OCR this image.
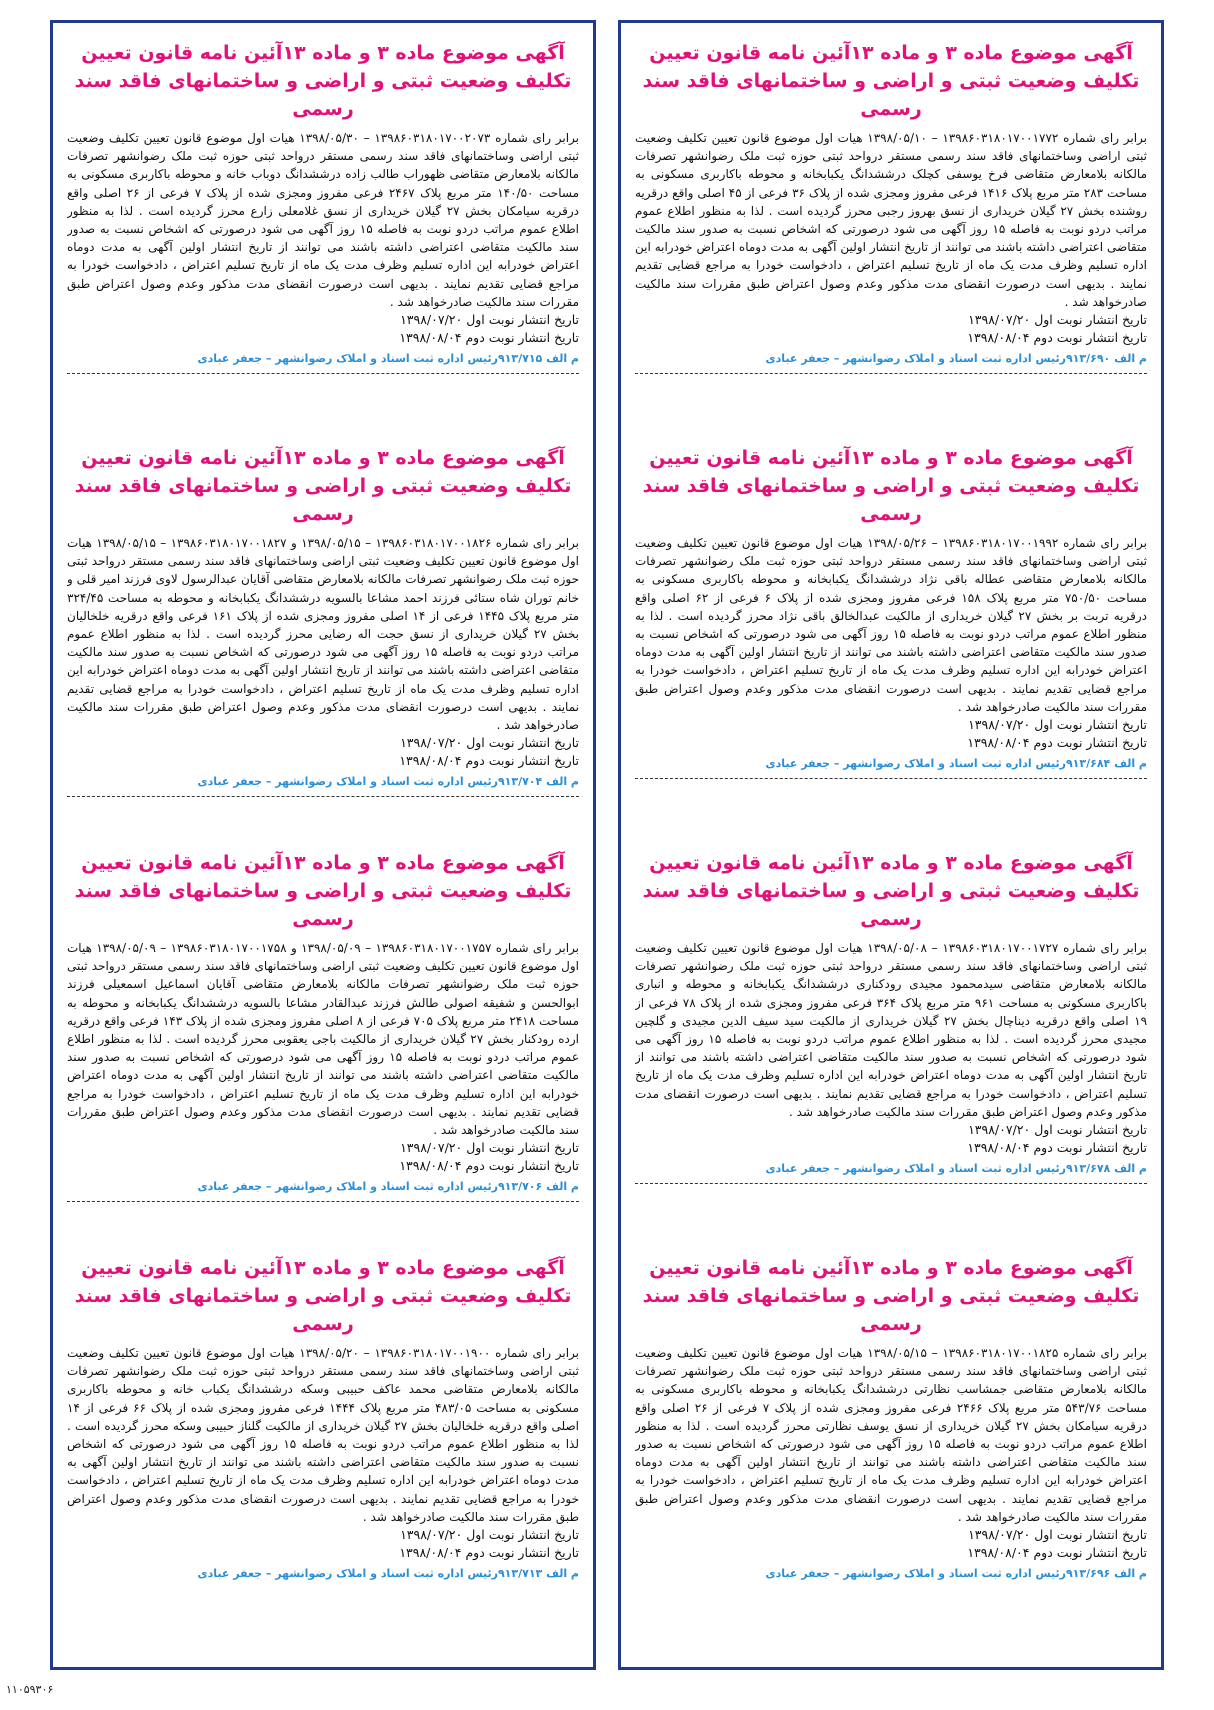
آگهی موضوع ماده ۳ و ماده ۱۳آئین نامه قانون تعیین تکلیف وضعیت ثبتی و اراضی و ساختمانهای فاقد سند رسمی

برابر رای شماره ۱۳۹۸۶۰۳۱۸۰۱۷۰۰۱۷۷۲ – ۱۳۹۸/۰۵/۱۰ هیات اول موضوع قانون تعیین تکلیف وضعیت ثبتی اراضی وساختمانهای فاقد سند رسمی مستقر درواحد ثبتی حوزه ثبت ملک رضوانشهر تصرفات مالکانه بلامعارض متقاضی فرخ یوسفی کچلک درششدانگ یکبابخانه و محوطه باکاربری مسکونی به مساحت ۲۸۳ متر مربع پلاک ۱۴۱۶ فرعی مفروز ومجزی شده از پلاک ۳۶ فرعی از ۴۵ اصلی واقع درقریه روشنده بخش ۲۷ گیلان خریداری از نسق بهروز رجبی محرز گردیده است . لذا به منظور اطلاع عموم مراتب دردو نوبت به فاصله ۱۵ روز آگهی می شود درصورتی که اشخاص نسبت به صدور سند مالکیت متقاضی اعتراضی داشته باشند می توانند از تاریخ انتشار اولین آگهی به مدت دوماه اعتراض خودرابه این اداره تسلیم وظرف مدت یک ماه از تاریخ تسلیم اعتراض ، دادخواست خودرا به مراجع قضایی تقدیم نمایند . بدیهی است درصورت انقضای مدت مذکور وعدم وصول اعتراض طبق مقررات سند مالکیت صادرخواهد شد .

تاریخ انتشار نوبت اول ۱۳۹۸/۰۷/۲۰

تاریخ انتشار نوبت دوم ۱۳۹۸/۰۸/۰۴

م الف ۹۱۳/۶۹۰رئیس اداره ثبت اسناد و املاک رضوانشهر – جعفر عبادی
آگهی موضوع ماده ۳ و ماده ۱۳آئین نامه قانون تعیین تکلیف وضعیت ثبتی و اراضی و ساختمانهای فاقد سند رسمی

برابر رای شماره ۱۳۹۸۶۰۳۱۸۰۱۷۰۰۱۹۹۲ – ۱۳۹۸/۰۵/۲۶ هیات اول موضوع قانون تعیین تکلیف وضعیت ثبتی اراضی وساختمانهای فاقد سند رسمی مستقر درواحد ثبتی حوزه ثبت ملک رضوانشهر تصرفات مالکانه بلامعارض متقاضی عطاله باقی نژاد درششدانگ یکبابخانه و محوطه باکاربری مسکونی به مساحت ۷۵۰/۵۰ متر مربع پلاک ۱۵۸ فرعی مفروز ومجزی شده از پلاک ۶ فرعی از ۶۲ اصلی واقع درقریه تربت بر بخش ۲۷ گیلان خریداری از مالکیت عبدالخالق باقی نژاد محرز گردیده است . لذا به منظور اطلاع عموم مراتب دردو نوبت به فاصله ۱۵ روز آگهی می شود درصورتی که اشخاص نسبت به صدور سند مالکیت متقاضی اعتراضی داشته باشند می توانند از تاریخ انتشار اولین آگهی به مدت دوماه اعتراض خودرابه این اداره تسلیم وظرف مدت یک ماه از تاریخ تسلیم اعتراض ، دادخواست خودرا به مراجع قضایی تقدیم نمایند . بدیهی است درصورت انقضای مدت مذکور وعدم وصول اعتراض طبق مقررات سند مالکیت صادرخواهد شد .

تاریخ انتشار نوبت اول ۱۳۹۸/۰۷/۲۰

تاریخ انتشار نوبت دوم ۱۳۹۸/۰۸/۰۴

م الف ۹۱۳/۶۸۴رئیس اداره ثبت اسناد و املاک رضوانشهر – جعفر عبادی
آگهی موضوع ماده ۳ و ماده ۱۳آئین نامه قانون تعیین تکلیف وضعیت ثبتی و اراضی و ساختمانهای فاقد سند رسمی

برابر رای شماره ۱۳۹۸۶۰۳۱۸۰۱۷۰۰۱۷۲۷ – ۱۳۹۸/۰۵/۰۸ هیات اول موضوع قانون تعیین تکلیف وضعیت ثبتی اراضی وساختمانهای فاقد سند رسمی مستقر درواحد ثبتی حوزه ثبت ملک رضوانشهر تصرفات مالکانه بلامعارض متقاضی سیدمحمود مجیدی رودکناری درششدانگ یکبابخانه و محوطه و انباری باکاربری مسکونی به مساحت ۹۶۱ متر مربع پلاک ۳۶۴ فرعی مفروز ومجزی شده از پلاک ۷۸ فرعی از ۱۹ اصلی واقع درقریه دیناچال بخش ۲۷ گیلان خریداری از مالکیت سید سیف الدین مجیدی و گلچین مجیدی محرز گردیده است . لذا به منظور اطلاع عموم مراتب دردو نوبت به فاصله ۱۵ روز آگهی می شود درصورتی که اشخاص نسبت به صدور سند مالکیت متقاضی اعتراضی داشته باشند می توانند از تاریخ انتشار اولین آگهی به مدت دوماه اعتراض خودرابه این اداره تسلیم وظرف مدت یک ماه از تاریخ تسلیم اعتراض ، دادخواست خودرا به مراجع قضایی تقدیم نمایند . بدیهی است درصورت انقضای مدت مذکور وعدم وصول اعتراض طبق مقررات سند مالکیت صادرخواهد شد .

تاریخ انتشار نوبت اول ۱۳۹۸/۰۷/۲۰

تاریخ انتشار نوبت دوم ۱۳۹۸/۰۸/۰۴

م الف ۹۱۳/۶۷۸رئیس اداره ثبت اسناد و املاک رضوانشهر – جعفر عبادی
آگهی موضوع ماده ۳ و ماده ۱۳آئین نامه قانون تعیین تکلیف وضعیت ثبتی و اراضی و ساختمانهای فاقد سند رسمی

برابر رای شماره ۱۳۹۸۶۰۳۱۸۰۱۷۰۰۱۸۲۵ – ۱۳۹۸/۰۵/۱۵ هیات اول موضوع قانون تعیین تکلیف وضعیت ثبتی اراضی وساختمانهای فاقد سند رسمی مستقر درواحد ثبتی حوزه ثبت ملک رضوانشهر تصرفات مالکانه بلامعارض متقاضی جمشاسب نظارتی درششدانگ یکبابخانه و محوطه باکاربری مسکونی به مساحت ۵۴۳/۷۶ متر مربع پلاک ۲۴۶۶ فرعی مفروز ومجزی شده از پلاک ۷ فرعی از ۲۶ اصلی واقع درقریه سیامکان بخش ۲۷ گیلان خریداری از نسق یوسف نظارتی محرز گردیده است . لذا به منظور اطلاع عموم مراتب دردو نوبت به فاصله ۱۵ روز آگهی می شود درصورتی که اشخاص نسبت به صدور سند مالکیت متقاضی اعتراضی داشته باشند می توانند از تاریخ انتشار اولین آگهی به مدت دوماه اعتراض خودرابه این اداره تسلیم وظرف مدت یک ماه از تاریخ تسلیم اعتراض ، دادخواست خودرا به مراجع قضایی تقدیم نمایند . بدیهی است درصورت انقضای مدت مذکور وعدم وصول اعتراض طبق مقررات سند مالکیت صادرخواهد شد .

تاریخ انتشار نوبت اول ۱۳۹۸/۰۷/۲۰

تاریخ انتشار نوبت دوم ۱۳۹۸/۰۸/۰۴

م الف ۹۱۳/۶۹۶رئیس اداره ثبت اسناد و املاک رضوانشهر – جعفر عبادی
آگهی موضوع ماده ۳ و ماده ۱۳آئین نامه قانون تعیین تکلیف وضعیت ثبتی و اراضی و ساختمانهای فاقد سند رسمی

برابر رای شماره ۱۳۹۸۶۰۳۱۸۰۱۷۰۰۲۰۷۳ – ۱۳۹۸/۰۵/۳۰ هیات اول موضوع قانون تعیین تکلیف وضعیت ثبتی اراضی وساختمانهای فاقد سند رسمی مستقر درواحد ثبتی حوزه ثبت ملک رضوانشهر تصرفات مالکانه بلامعارض متقاضی ظهوراب طالب زاده درششدانگ دوباب خانه و محوطه باکاربری مسکونی به مساحت ۱۴۰/۵۰ متر مربع پلاک ۲۴۶۷ فرعی مفروز ومجزی شده از پلاک ۷ فرعی از ۲۶ اصلی واقع درقریه سیامکان بخش ۲۷ گیلان خریداری از نسق غلامعلی زارع محرز گردیده است . لذا به منظور اطلاع عموم مراتب دردو نوبت به فاصله ۱۵ روز آگهی می شود درصورتی که اشخاص نسبت به صدور سند مالکیت متقاضی اعتراضی داشته باشند می توانند از تاریخ انتشار اولین آگهی به مدت دوماه اعتراض خودرابه این اداره تسلیم وظرف مدت یک ماه از تاریخ تسلیم اعتراض ، دادخواست خودرا به مراجع قضایی تقدیم نمایند . بدیهی است درصورت انقضای مدت مذکور وعدم وصول اعتراض طبق مقررات سند مالکیت صادرخواهد شد .

تاریخ انتشار نوبت اول ۱۳۹۸/۰۷/۲۰

تاریخ انتشار نوبت دوم ۱۳۹۸/۰۸/۰۴

م الف ۹۱۳/۷۱۵رئیس اداره ثبت اسناد و املاک رضوانشهر – جعفر عبادی
آگهی موضوع ماده ۳ و ماده ۱۳آئین نامه قانون تعیین تکلیف وضعیت ثبتی و اراضی و ساختمانهای فاقد سند رسمی

برابر رای شماره ۱۳۹۸۶۰۳۱۸۰۱۷۰۰۱۸۲۶ – ۱۳۹۸/۰۵/۱۵ و ۱۳۹۸۶۰۳۱۸۰۱۷۰۰۱۸۲۷ – ۱۳۹۸/۰۵/۱۵ هیات اول موضوع قانون تعیین تکلیف وضعیت ثبتی اراضی وساختمانهای فاقد سند رسمی مستقر درواحد ثبتی حوزه ثبت ملک رضوانشهر تصرفات مالکانه بلامعارض متقاضی آقایان عبدالرسول لاوی فرزند امیر قلی و خانم توران شاه ستائی فرزند احمد مشاعا بالسویه درششدانگ یکبابخانه و محوطه به مساحت ۳۲۴/۴۵ متر مربع پلاک ۱۴۴۵ فرعی از ۱۴ اصلی مفروز ومجزی شده از پلاک ۱۶۱ فرعی واقع درقریه خلخالیان بخش ۲۷ گیلان خریداری از نسق حجت اله رضایی محرز گردیده است . لذا به منظور اطلاع عموم مراتب دردو نوبت به فاصله ۱۵ روز آگهی می شود درصورتی که اشخاص نسبت به صدور سند مالکیت متقاضی اعتراضی داشته باشند می توانند از تاریخ انتشار اولین آگهی به مدت دوماه اعتراض خودرابه این اداره تسلیم وظرف مدت یک ماه از تاریخ تسلیم اعتراض ، دادخواست خودرا به مراجع قضایی تقدیم نمایند . بدیهی است درصورت انقضای مدت مذکور وعدم وصول اعتراض طبق مقررات سند مالکیت صادرخواهد شد .

تاریخ انتشار نوبت اول ۱۳۹۸/۰۷/۲۰

تاریخ انتشار نوبت دوم ۱۳۹۸/۰۸/۰۴

م الف ۹۱۳/۷۰۴رئیس اداره ثبت اسناد و املاک رضوانشهر – جعفر عبادی
آگهی موضوع ماده ۳ و ماده ۱۳آئین نامه قانون تعیین تکلیف وضعیت ثبتی و اراضی و ساختمانهای فاقد سند رسمی

برابر رای شماره ۱۳۹۸۶۰۳۱۸۰۱۷۰۰۱۷۵۷ – ۱۳۹۸/۰۵/۰۹ و ۱۳۹۸۶۰۳۱۸۰۱۷۰۰۱۷۵۸ – ۱۳۹۸/۰۵/۰۹ هیات اول موضوع قانون تعیین تکلیف وضعیت ثبتی اراضی وساختمانهای فاقد سند رسمی مستقر درواحد ثبتی حوزه ثبت ملک رضوانشهر تصرفات مالکانه بلامعارض متقاضی آقایان اسماعیل اسمعیلی فرزند ابوالحسن و شفیقه اصولی طالش فرزند عبدالقادر مشاعا بالسویه درششدانگ یکبابخانه و محوطه به مساحت ۲۴۱۸ متر مربع پلاک ۷۰۵ فرعی از ۸ اصلی مفروز ومجزی شده از پلاک ۱۴۳ فرعی واقع درقریه ارده رودکنار بخش ۲۷ گیلان خریداری از مالکیت باجی یعقوبی محرز گردیده است . لذا به منظور اطلاع عموم مراتب دردو نوبت به فاصله ۱۵ روز آگهی می شود درصورتی که اشخاص نسبت به صدور سند مالکیت متقاضی اعتراضی داشته باشند می توانند از تاریخ انتشار اولین آگهی به مدت دوماه اعتراض خودرابه این اداره تسلیم وظرف مدت یک ماه از تاریخ تسلیم اعتراض ، دادخواست خودرا به مراجع قضایی تقدیم نمایند . بدیهی است درصورت انقضای مدت مذکور وعدم وصول اعتراض طبق مقررات سند مالکیت صادرخواهد شد .

تاریخ انتشار نوبت اول ۱۳۹۸/۰۷/۲۰

تاریخ انتشار نوبت دوم ۱۳۹۸/۰۸/۰۴

م الف ۹۱۳/۷۰۶رئیس اداره ثبت اسناد و املاک رضوانشهر – جعفر عبادی
آگهی موضوع ماده ۳ و ماده ۱۳آئین نامه قانون تعیین تکلیف وضعیت ثبتی و اراضی و ساختمانهای فاقد سند رسمی

برابر رای شماره ۱۳۹۸۶۰۳۱۸۰۱۷۰۰۱۹۰۰ – ۱۳۹۸/۰۵/۲۰ هیات اول موضوع قانون تعیین تکلیف وضعیت ثبتی اراضی وساختمانهای فاقد سند رسمی مستقر درواحد ثبتی حوزه ثبت ملک رضوانشهر تصرفات مالکانه بلامعارض متقاضی محمد عاکف حبیبی وسکه درششدانگ یکباب خانه و محوطه باکاربری مسکونی به مساحت ۴۸۳/۰۵ متر مربع پلاک ۱۴۴۴ فرعی مفروز ومجزی شده از پلاک ۶۶ فرعی از ۱۴ اصلی واقع درقریه خلخالیان بخش ۲۷ گیلان خریداری از مالکیت گلناز حبیبی وسکه محرز گردیده است . لذا به منظور اطلاع عموم مراتب دردو نوبت به فاصله ۱۵ روز آگهی می شود درصورتی که اشخاص نسبت به صدور سند مالکیت متقاضی اعتراضی داشته باشند می توانند از تاریخ انتشار اولین آگهی به مدت دوماه اعتراض خودرابه این اداره تسلیم وظرف مدت یک ماه از تاریخ تسلیم اعتراض ، دادخواست خودرا به مراجع قضایی تقدیم نمایند . بدیهی است درصورت انقضای مدت مذکور وعدم وصول اعتراض طبق مقررات سند مالکیت صادرخواهد شد .

تاریخ انتشار نوبت اول ۱۳۹۸/۰۷/۲۰

تاریخ انتشار نوبت دوم ۱۳۹۸/۰۸/۰۴

م الف ۹۱۳/۷۱۳رئیس اداره ثبت اسناد و املاک رضوانشهر – جعفر عبادی
۱۱۰۵۹۳۰۶
